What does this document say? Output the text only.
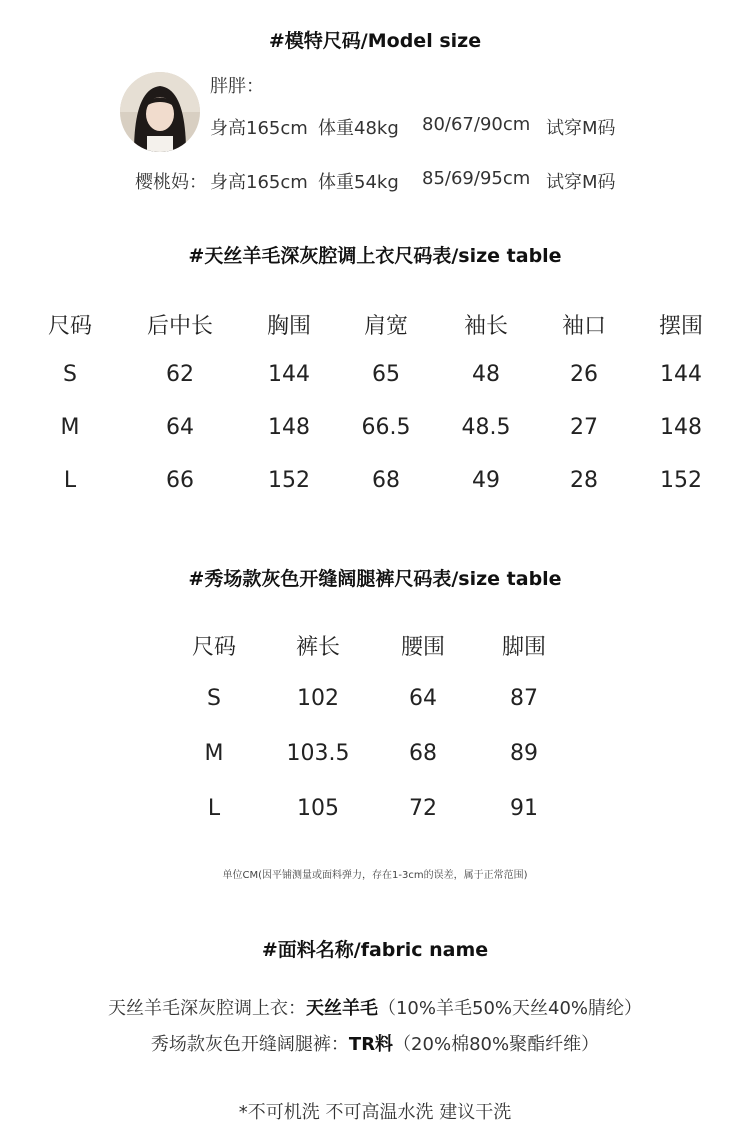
#模特尺码/Model size
胖胖：
身高165cm 体重48kg 80/67/90cm 试穿M码
樱桃妈： 身高165cm 体重54kg 85/69/95cm 试穿M码
#天丝羊毛深灰腔调上衣尺码表/size table
尺码	后中长	胸围	肩宽	袖长	袖口	摆围
S	62	144	65	48	26	144
M	64	148	66.5	48.5	27	148
L	66	152	68	49	28	152
#秀场款灰色开缝阔腿裤尺码表/size table
尺码	裤长	腰围	脚围
S	102	64	87
M	103.5	68	89
L	105	72	91
单位CM(因平铺测量或面料弹力，存在1-3cm的误差，属于正常范围)
#面料名称/fabric name
天丝羊毛深灰腔调上衣：天丝羊毛（10%羊毛50%天丝40%腈纶）
秀场款灰色开缝阔腿裤：TR料（20%棉80%聚酯纤维）
*不可机洗 不可高温水洗 建议干洗
